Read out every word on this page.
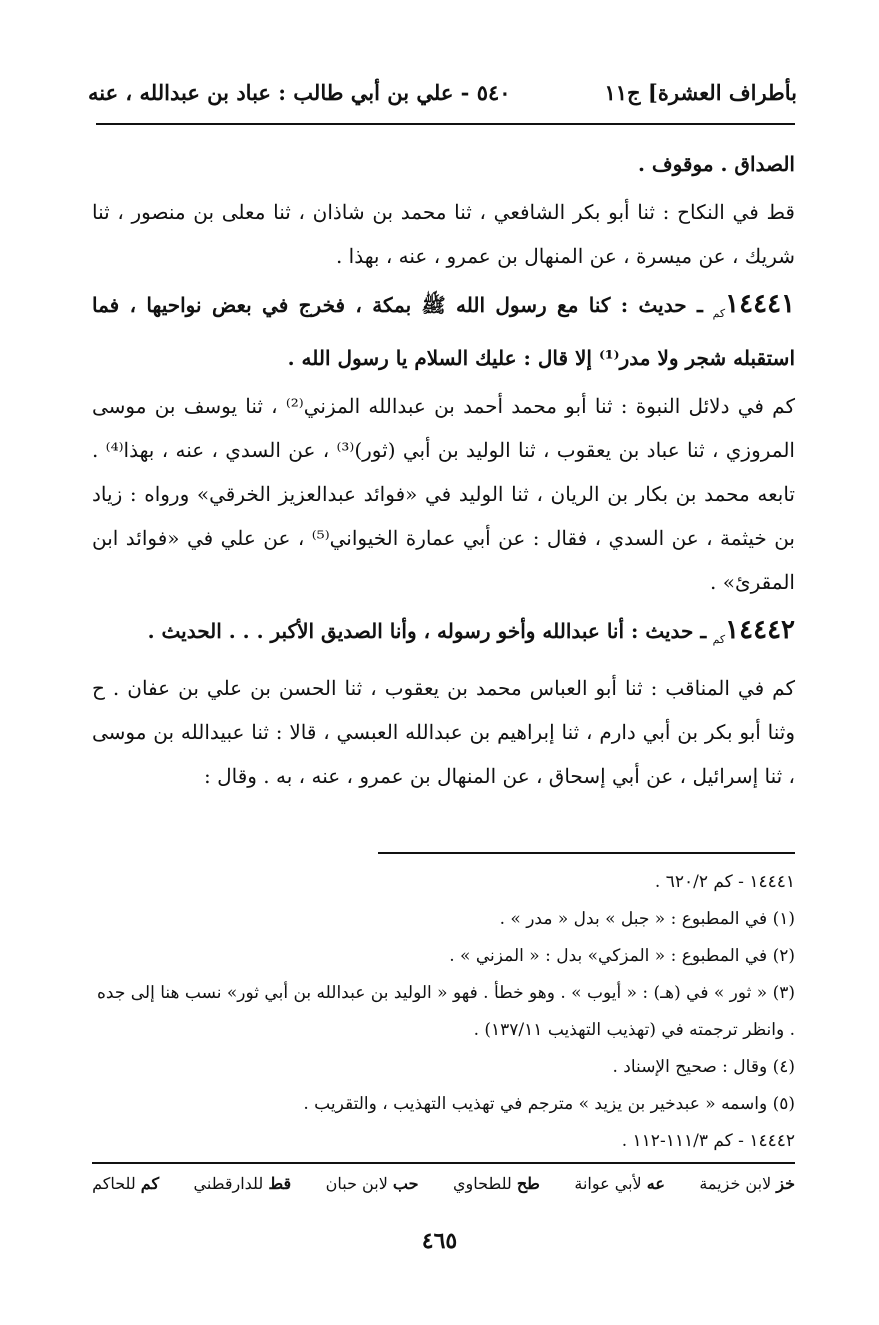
بأطراف العشرة] ج١١
٥٤٠ - علي بن أبي طالب : عباد بن عبدالله ، عنه

الصداق . موقوف .

قط في النكاح : ثنا أبو بكر الشافعي ، ثنا محمد بن شاذان ، ثنا معلى بن منصور ، ثنا شريك ، عن ميسرة ، عن المنهال بن عمرو ، عنه ، بهذا .

$١٤٤٤١_{كم}$ ـ حديث : كنا مع رسول الله ﷺ بمكة ، فخرج في بعض نواحيها ، فما استقبله شجر ولا مدر⁽¹⁾ إلا قال : عليك السلام يا رسول الله .

كم في دلائل النبوة : ثنا أبو محمد أحمد بن عبدالله المزني⁽²⁾ ، ثنا يوسف بن موسى المروزي ، ثنا عباد بن يعقوب ، ثنا الوليد بن أبي (ثور)⁽³⁾ ، عن السدي ، عنه ، بهذا⁽⁴⁾ . تابعه محمد بن بكار بن الريان ، ثنا الوليد في «فوائد عبدالعزيز الخرقي» ورواه : زياد بن خيثمة ، عن السدي ، فقال : عن أبي عمارة الخيواني⁽⁵⁾ ، عن علي في «فوائد ابن المقرئ» .

$١٤٤٤٢_{كم}$ ـ حديث : أنا عبدالله وأخو رسوله ، وأنا الصديق الأكبر . . . الحديث .

كم في المناقب : ثنا أبو العباس محمد بن يعقوب ، ثنا الحسن بن علي بن عفان . ح وثنا أبو بكر بن أبي دارم ، ثنا إبراهيم بن عبدالله العبسي ، قالا : ثنا عبيدالله بن موسى ، ثنا إسرائيل ، عن أبي إسحاق ، عن المنهال بن عمرو ، عنه ، به . وقال :

١٤٤٤١ - كم ٦٢٠/٢ .
(١) في المطبوع : « جبل » بدل « مدر » .
(٢) في المطبوع : « المزكي» بدل : « المزني » .
(٣) « ثور » في (هـ) : « أيوب » . وهو خطأ . فهو « الوليد بن عبدالله بن أبي ثور» نسب هنا إلى جده . وانظر ترجمته في (تهذيب التهذيب ١٣٧/١١) .
(٤) وقال : صحيح الإسناد .
(٥) واسمه « عبدخير بن يزيد » مترجم في تهذيب التهذيب ، والتقريب .
١٤٤٤٢ - كم ١١١/٣-١١٢ .
خز لابن خزيمة
عه لأبي عوانة
طح للطحاوي
حب لابن حبان
قط للدارقطني
كم للحاكم
٤٦٥
